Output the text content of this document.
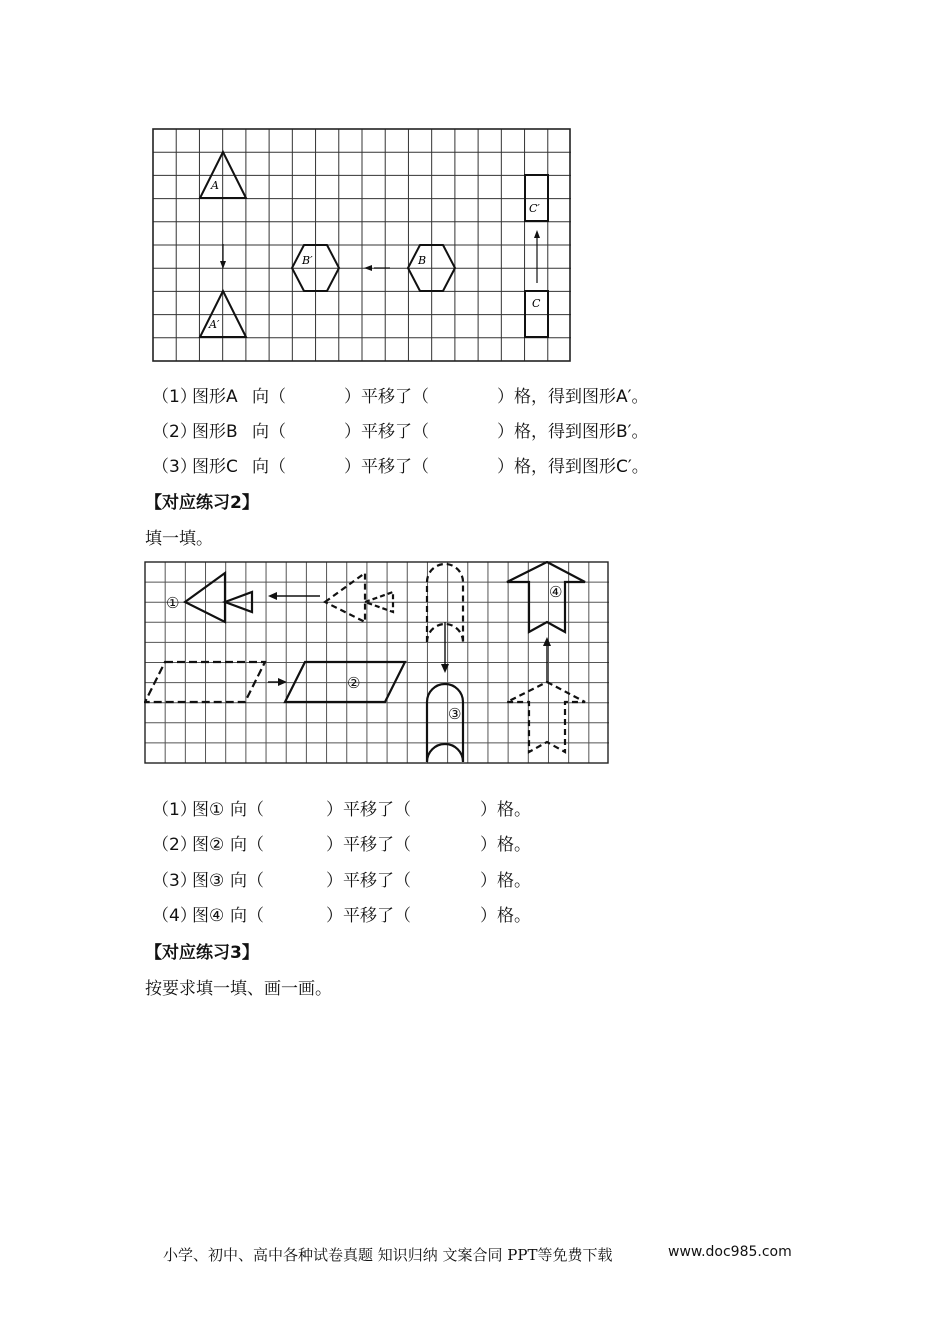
A
A′
B′	B
C′
C
（1）
图形A 向（	）平移了（	）格，得到图形A′。
（2）
图形B 向（	）平移了（	）格，得到图形B′。
（3）
图形C 向（	）平移了（	）格，得到图形C′。
【对应练习2】
填一填。
①
②
③
④
（1）
图① 向（	）平移了（	）格。
（2）
图② 向（	）平移了（	）格。
（3）
图③ 向（	）平移了（	）格。
（4）
图④ 向（	）平移了（	）格。
【对应练习3】
按要求填一填、画一画。
小学、初中、高中各种试卷真题 知识归纳 文案合同 PPT等免费下载	www.doc985.com
